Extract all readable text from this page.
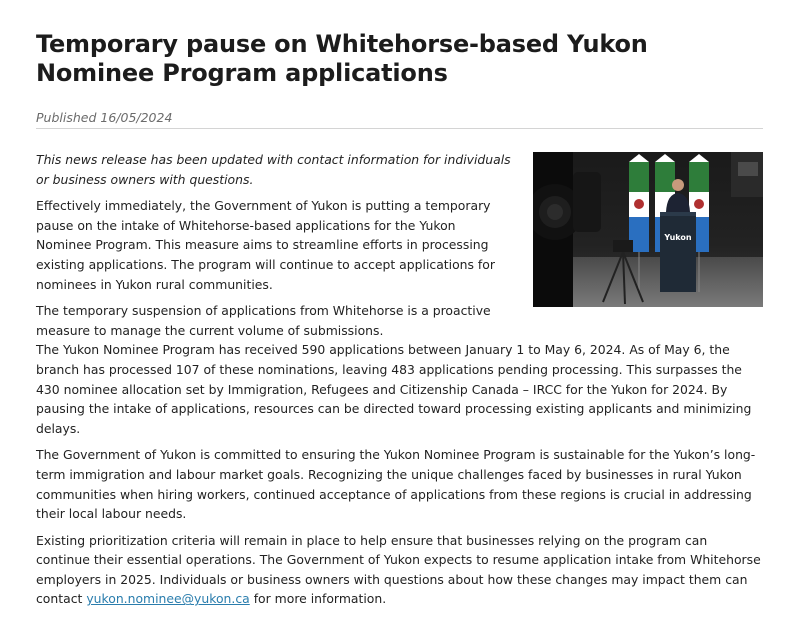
Temporary pause on Whitehorse-based Yukon Nominee Program applications
Published 16/05/2024
Yukon

This news release has been updated with contact information for individuals or business owners with questions.

Effectively immediately, the Government of Yukon is putting a temporary pause on the intake of Whitehorse-based applications for the Yukon Nominee Program. This measure aims to streamline efforts in processing existing applications. The program will continue to accept applications for nominees in Yukon rural communities.

The temporary suspension of applications from Whitehorse is a proactive measure to manage the current volume of submissions.

The Yukon Nominee Program has received 590 applications between January 1 to May 6, 2024. As of May 6, the branch has processed 107 of these nominations, leaving 483 applications pending processing. This surpasses the 430 nominee allocation set by Immigration, Refugees and Citizenship Canada – IRCC for the Yukon for 2024. By pausing the intake of applications, resources can be directed toward processing existing applicants and minimizing delays.

The Government of Yukon is committed to ensuring the Yukon Nominee Program is sustainable for the Yukon’s long-term immigration and labour market goals. Recognizing the unique challenges faced by businesses in rural Yukon communities when hiring workers, continued acceptance of applications from these regions is crucial in addressing their local labour needs.

Existing prioritization criteria will remain in place to help ensure that businesses relying on the program can continue their essential operations. The Government of Yukon expects to resume application intake from Whitehorse employers in 2025. Individuals or business owners with questions about how these changes may impact them can contact yukon.nominee@yukon.ca for more information.
